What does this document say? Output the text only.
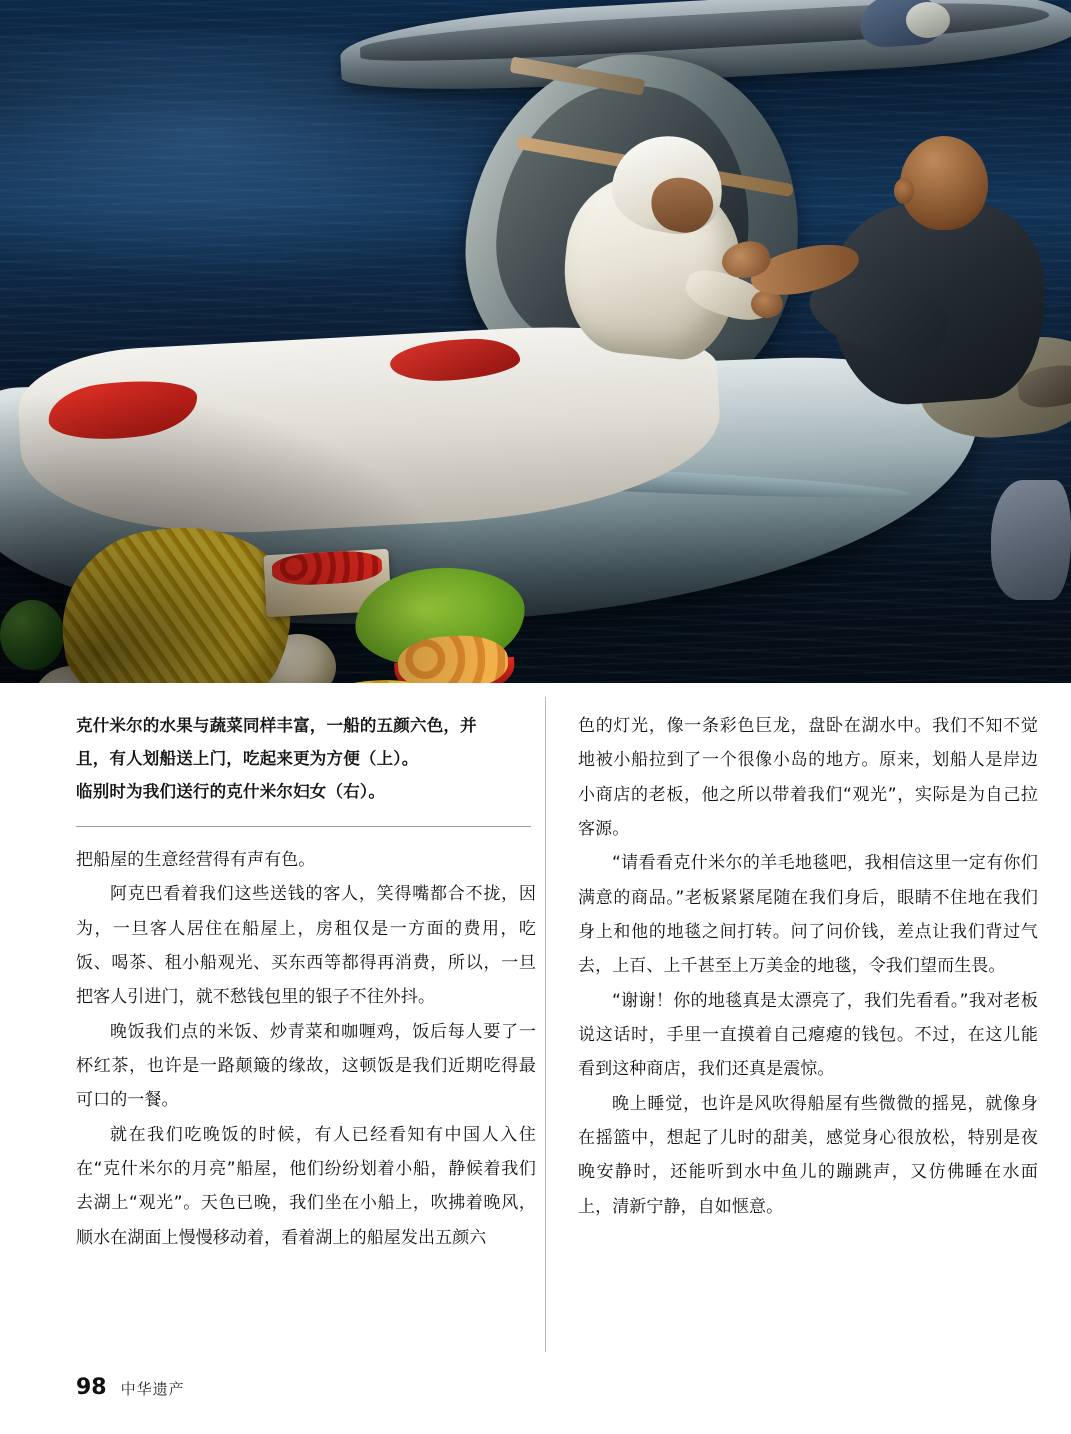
克什米尔的水果与蔬菜同样丰富，一船的五颜六色，并

且，有人划船送上门，吃起来更为方便（上）。

临别时为我们送行的克什米尔妇女（右）。

把船屋的生意经营得有声有色。

阿克巴看着我们这些送钱的客人，笑得嘴都合不拢，因为，一旦客人居住在船屋上，房租仅是一方面的费用，吃饭、喝茶、租小船观光、买东西等都得再消费，所以，一旦把客人引进门，就不愁钱包里的银子不往外抖。

晚饭我们点的米饭、炒青菜和咖喱鸡，饭后每人要了一杯红茶，也许是一路颠簸的缘故，这顿饭是我们近期吃得最可口的一餐。

就在我们吃晚饭的时候，有人已经看知有中国人入住在“克什米尔的月亮”船屋，他们纷纷划着小船，静候着我们去湖上“观光”。天色已晚，我们坐在小船上，吹拂着晚风，顺水在湖面上慢慢移动着，看着湖上的船屋发出五颜六

色的灯光，像一条彩色巨龙，盘卧在湖水中。我们不知不觉地被小船拉到了一个很像小岛的地方。原来，划船人是岸边小商店的老板，他之所以带着我们“观光”，实际是为自己拉客源。

“请看看克什米尔的羊毛地毯吧，我相信这里一定有你们满意的商品。”老板紧紧尾随在我们身后，眼睛不住地在我们身上和他的地毯之间打转。问了问价钱，差点让我们背过气去，上百、上千甚至上万美金的地毯，令我们望而生畏。

“谢谢！你的地毯真是太漂亮了，我们先看看。”我对老板说这话时，手里一直摸着自己瘪瘪的钱包。不过，在这儿能看到这种商店，我们还真是震惊。

晚上睡觉，也许是风吹得船屋有些微微的摇晃，就像身在摇篮中，想起了儿时的甜美，感觉身心很放松，特别是夜晚安静时，还能听到水中鱼儿的蹦跳声，又仿佛睡在水面上，清新宁静，自如惬意。

98 中华遗产
